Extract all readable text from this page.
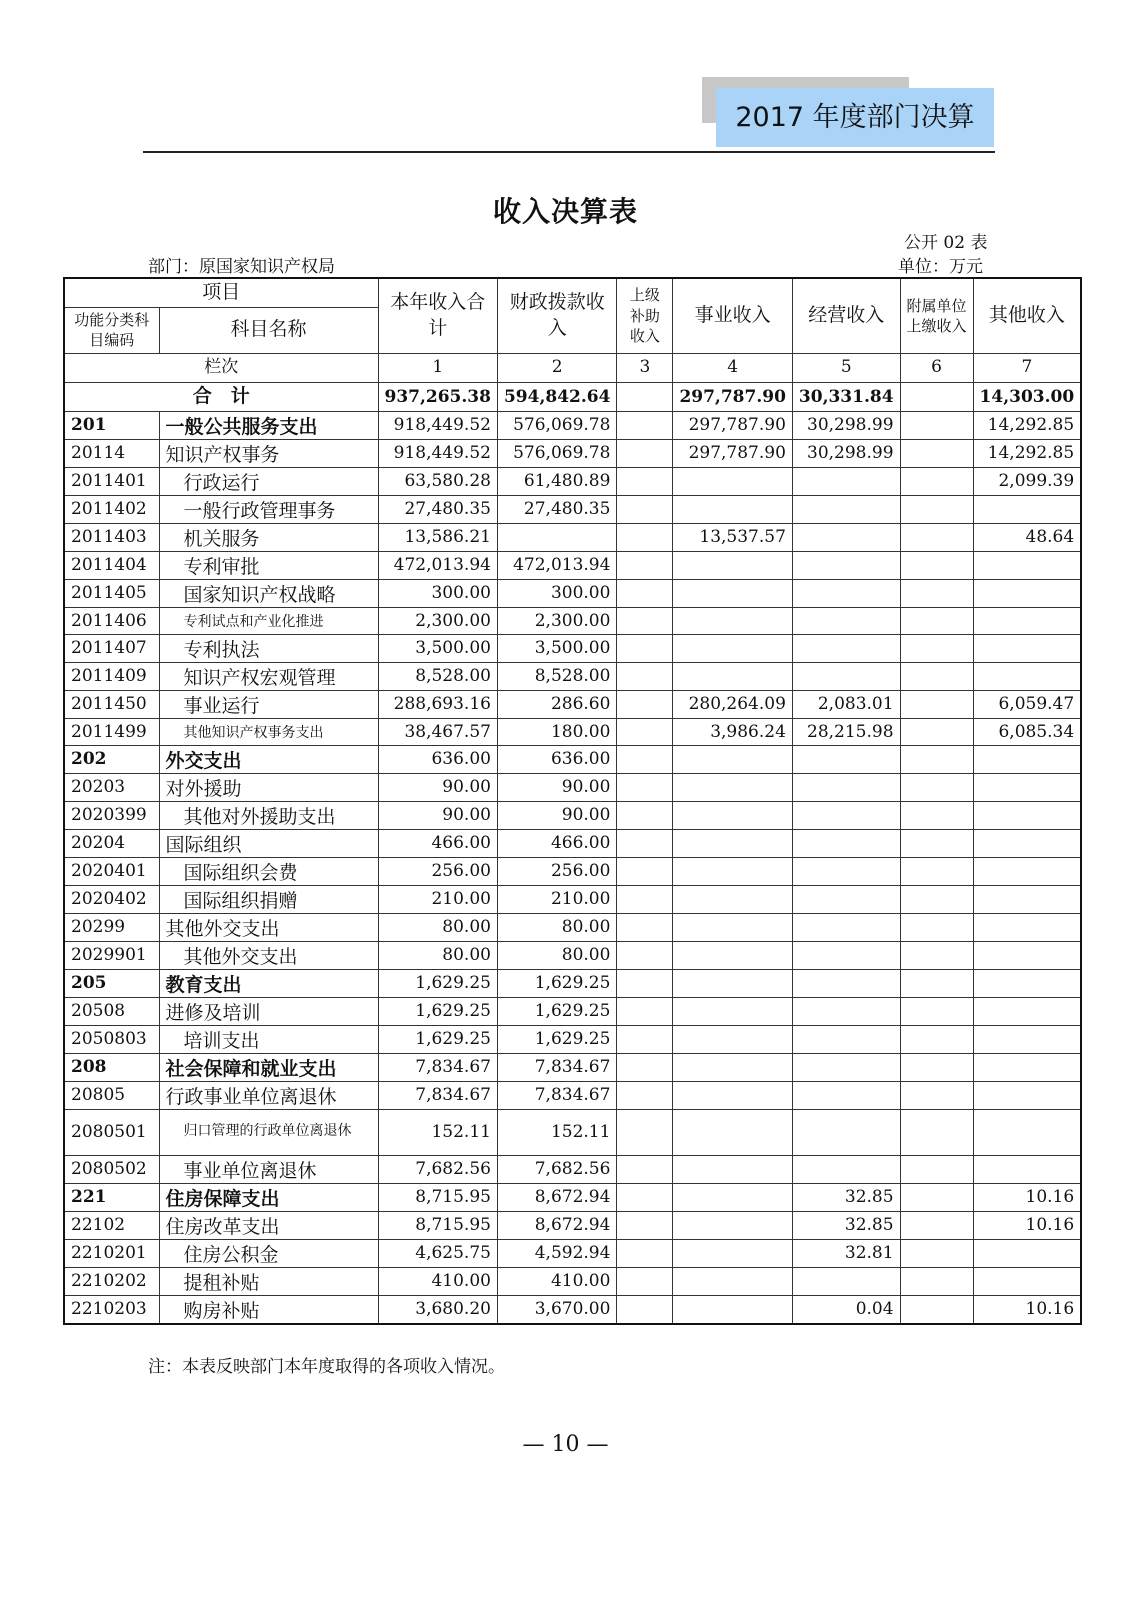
2017 年度部门决算
收入决算表
公开 02 表
部门：原国家知识产权局	单位：万元
项目		本年收入合计	财政拨款收入	上级补助收入	事业收入	经营收入	附属单位上缴收入	其他收入
功能分类科目编码	科目名称							
栏次		1	2	3	4	5	6	7
合　计		937,265.38	594,842.64		297,787.90	30,331.84		14,303.00
201	一般公共服务支出	918,449.52	576,069.78		297,787.90	30,298.99		14,292.85
20114	知识产权事务	918,449.52	576,069.78		297,787.90	30,298.99		14,292.85
2011401	行政运行	63,580.28	61,480.89					2,099.39
2011402	一般行政管理事务	27,480.35	27,480.35					
2011403	机关服务	13,586.21			13,537.57			48.64
2011404	专利审批	472,013.94	472,013.94					
2011405	国家知识产权战略	300.00	300.00					
2011406	专利试点和产业化推进	2,300.00	2,300.00					
2011407	专利执法	3,500.00	3,500.00					
2011409	知识产权宏观管理	8,528.00	8,528.00					
2011450	事业运行	288,693.16	286.60		280,264.09	2,083.01		6,059.47
2011499	其他知识产权事务支出	38,467.57	180.00		3,986.24	28,215.98		6,085.34
202	外交支出	636.00	636.00					
20203	对外援助	90.00	90.00					
2020399	其他对外援助支出	90.00	90.00					
20204	国际组织	466.00	466.00					
2020401	国际组织会费	256.00	256.00					
2020402	国际组织捐赠	210.00	210.00					
20299	其他外交支出	80.00	80.00					
2029901	其他外交支出	80.00	80.00					
205	教育支出	1,629.25	1,629.25					
20508	进修及培训	1,629.25	1,629.25					
2050803	培训支出	1,629.25	1,629.25					
208	社会保障和就业支出	7,834.67	7,834.67					
20805	行政事业单位离退休	7,834.67	7,834.67					
2080501	归口管理的行政单位离退休	152.11	152.11					
2080502	事业单位离退休	7,682.56	7,682.56					
221	住房保障支出	8,715.95	8,672.94			32.85		10.16
22102	住房改革支出	8,715.95	8,672.94			32.85		10.16
2210201	住房公积金	4,625.75	4,592.94			32.81		
2210202	提租补贴	410.00	410.00					
2210203	购房补贴	3,680.20	3,670.00			0.04		10.16
注：本表反映部门本年度取得的各项收入情况。
— 10 —
